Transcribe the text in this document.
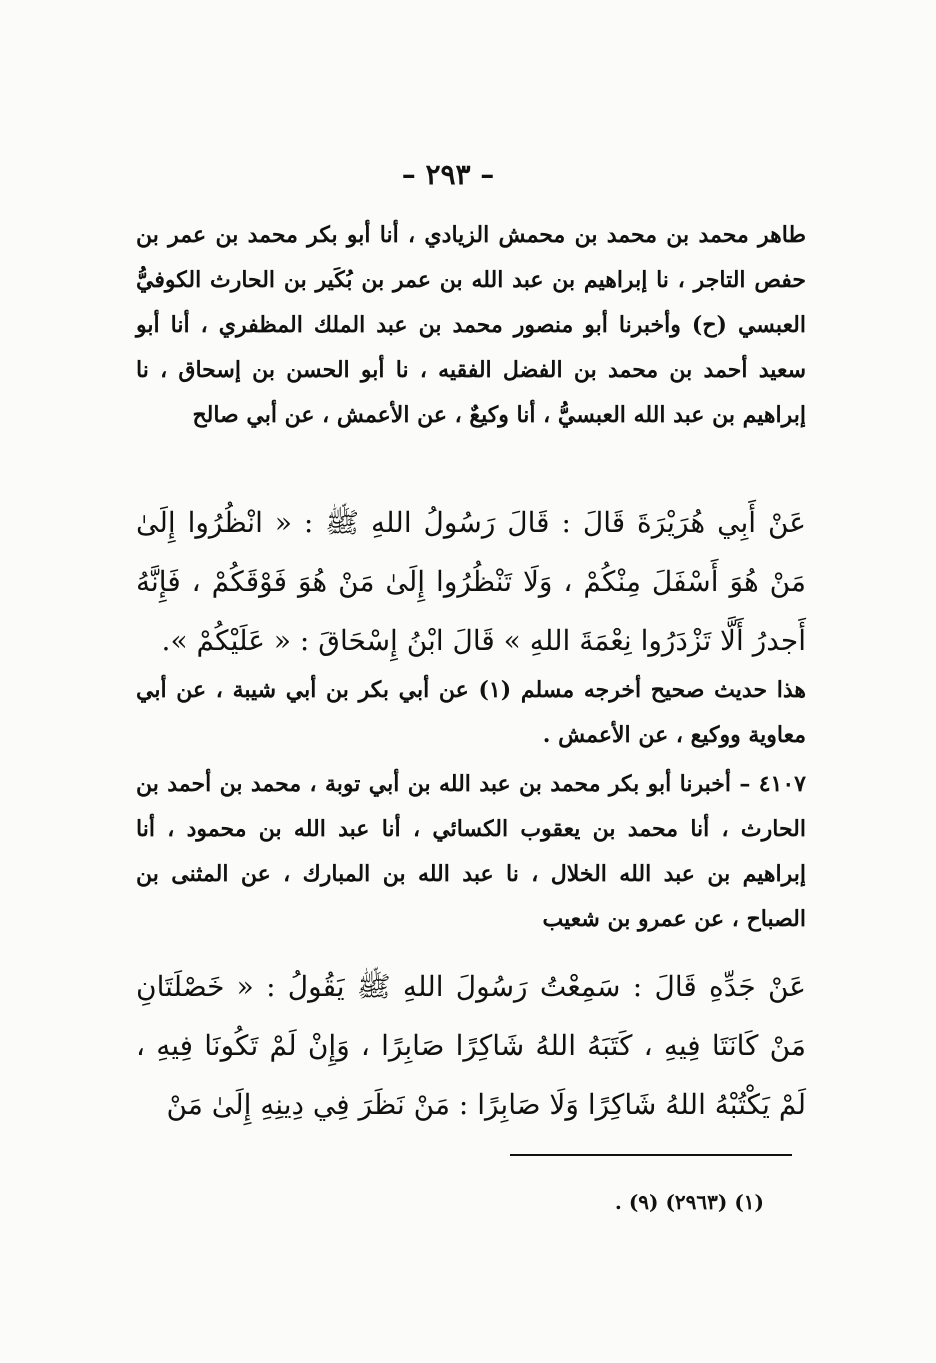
– ٢٩٣ –

طاهر محمد بن محمد بن محمش الزيادي ، أنا أبو بكر محمد بن عمر بن حفص التاجر ، نا إبراهيم بن عبد الله بن عمر بن بُكَير بن الحارث الكوفيُّ العبسي (ح) وأخبرنا أبو منصور محمد بن عبد الملك المظفري ، أنا أبو سعيد أحمد بن محمد بن الفضل الفقيه ، نا أبو الحسن بن إسحاق ، نا إبراهيم بن عبد الله العبسيُّ ، أنا وكيعٌ ، عن الأعمش ، عن أبي صالح

عَنْ أَبِي هُرَيْرَةَ قَالَ : قَالَ رَسُولُ اللهِ ﷺ : « انْظُرُوا إِلَىٰ مَنْ هُوَ أَسْفَلَ مِنْكُمْ ، وَلَا تَنْظُرُوا إِلَىٰ مَنْ هُوَ فَوْقَكُمْ ، فَإِنَّهُ أَجدرُ أَلَّا تَزْدَرُوا نِعْمَةَ اللهِ » قَالَ ابْنُ إِسْحَاقَ : « عَلَيْكُمْ ».

هذا حديث صحيح أخرجه مسلم (١) عن أبي بكر بن أبي شيبة ، عن أبي معاوية ووكيع ، عن الأعمش .

٤١٠٧ – أخبرنا أبو بكر محمد بن عبد الله بن أبي توبة ، محمد بن أحمد بن الحارث ، أنا محمد بن يعقوب الكسائي ، أنا عبد الله بن محمود ، أنا إبراهيم بن عبد الله الخلال ، نا عبد الله بن المبارك ، عن المثنى بن الصباح ، عن عمرو بن شعيب

عَنْ جَدِّهِ قَالَ : سَمِعْتُ رَسُولَ اللهِ ﷺ يَقُولُ : « خَصْلَتَانِ مَنْ كَانَتَا فِيهِ ، كَتَبَهُ اللهُ شَاكِرًا صَابِرًا ، وَإِنْ لَمْ تَكُونَا فِيهِ ، لَمْ يَكْتُبْهُ اللهُ شَاكِرًا وَلَا صَابِرًا : مَنْ نَظَرَ فِي دِينِهِ إِلَىٰ مَنْ

(١) (٢٩٦٣) (٩) .
